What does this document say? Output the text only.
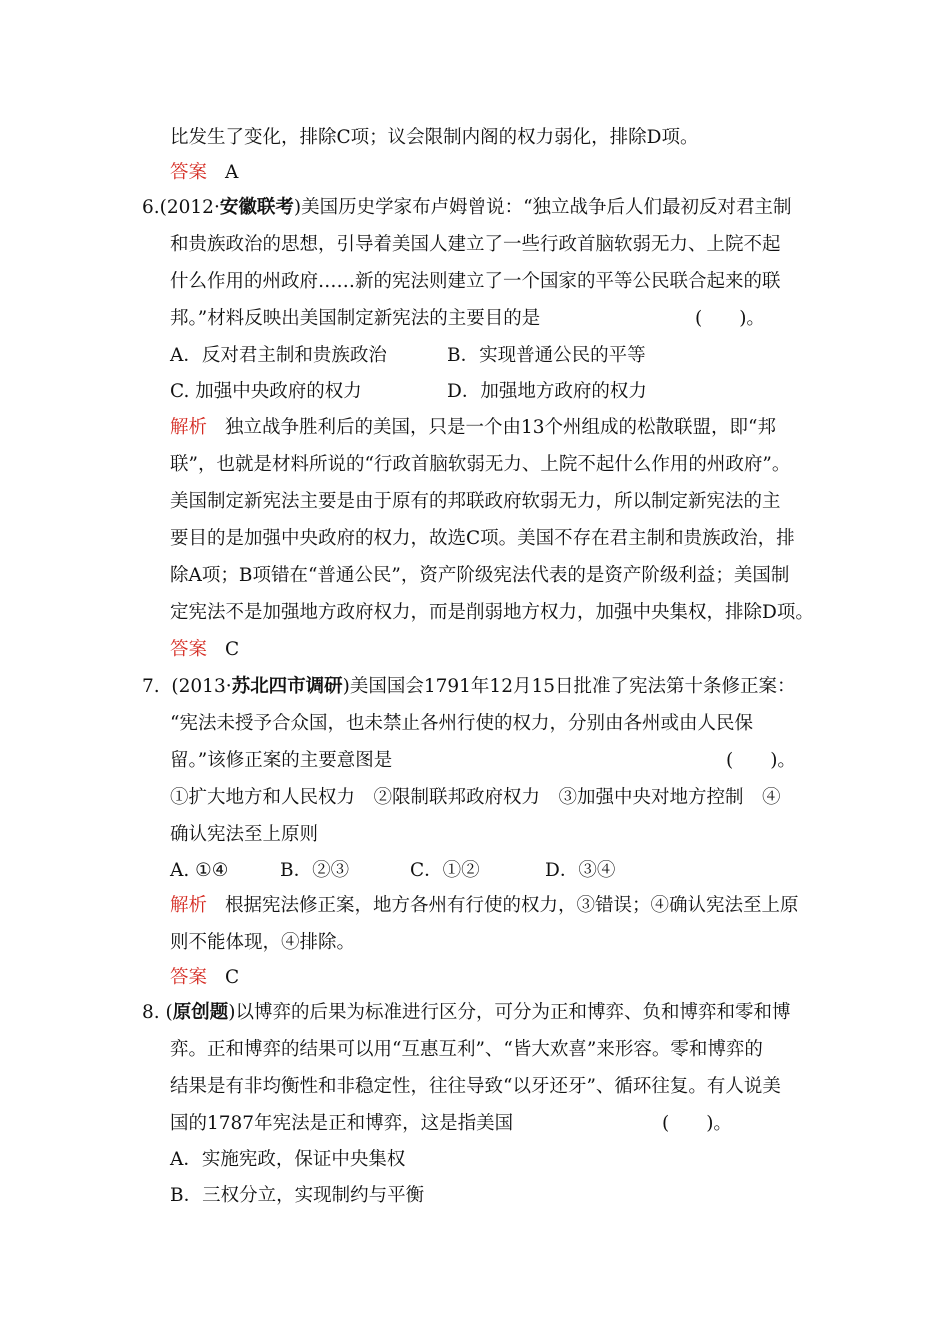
比发生了变化，排除C项；议会限制内阁的权力弱化，排除D项。
答案 A
6.(2012·安徽联考)美国历史学家布卢姆曾说：“独立战争后人们最初反对君主制
和贵族政治的思想，引导着美国人建立了一些行政首脑软弱无力、上院不起
什么作用的州政府……新的宪法则建立了一个国家的平等公民联合起来的联
邦。”材料反映出美国制定新宪法的主要目的是	(　　)。
A．反对君主制和贵族政治	B．实现普通公民的平等
C. 加强中央政府的权力	D．加强地方政府的权力
解析 独立战争胜利后的美国，只是一个由13个州组成的松散联盟，即“邦
联”，也就是材料所说的“行政首脑软弱无力、上院不起什么作用的州政府”。
美国制定新宪法主要是由于原有的邦联政府软弱无力，所以制定新宪法的主
要目的是加强中央政府的权力，故选C项。美国不存在君主制和贵族政治，排
除A项；B项错在“普通公民”，资产阶级宪法代表的是资产阶级利益；美国制
定宪法不是加强地方政府权力，而是削弱地方权力，加强中央集权，排除D项。
答案 C
7. (2013·苏北四市调研)美国国会1791年12月15日批准了宪法第十条修正案：
“宪法未授予合众国，也未禁止各州行使的权力，分别由各州或由人民保
留。”该修正案的主要意图是	(　　)。
①扩大地方和人民权力　②限制联邦政府权力　③加强中央对地方控制　④
确认宪法至上原则
A. ①④	B．②③	C．①②	D．③④
解析 根据宪法修正案，地方各州有行使的权力，③错误；④确认宪法至上原
则不能体现，④排除。
答案 C
8. (原创题)以博弈的后果为标准进行区分，可分为正和博弈、负和博弈和零和博
弈。正和博弈的结果可以用“互惠互利”、“皆大欢喜”来形容。零和博弈的
结果是有非均衡性和非稳定性，往往导致“以牙还牙”、循环往复。有人说美
国的1787年宪法是正和博弈，这是指美国	(　　)。
A．实施宪政，保证中央集权
B．三权分立，实现制约与平衡
